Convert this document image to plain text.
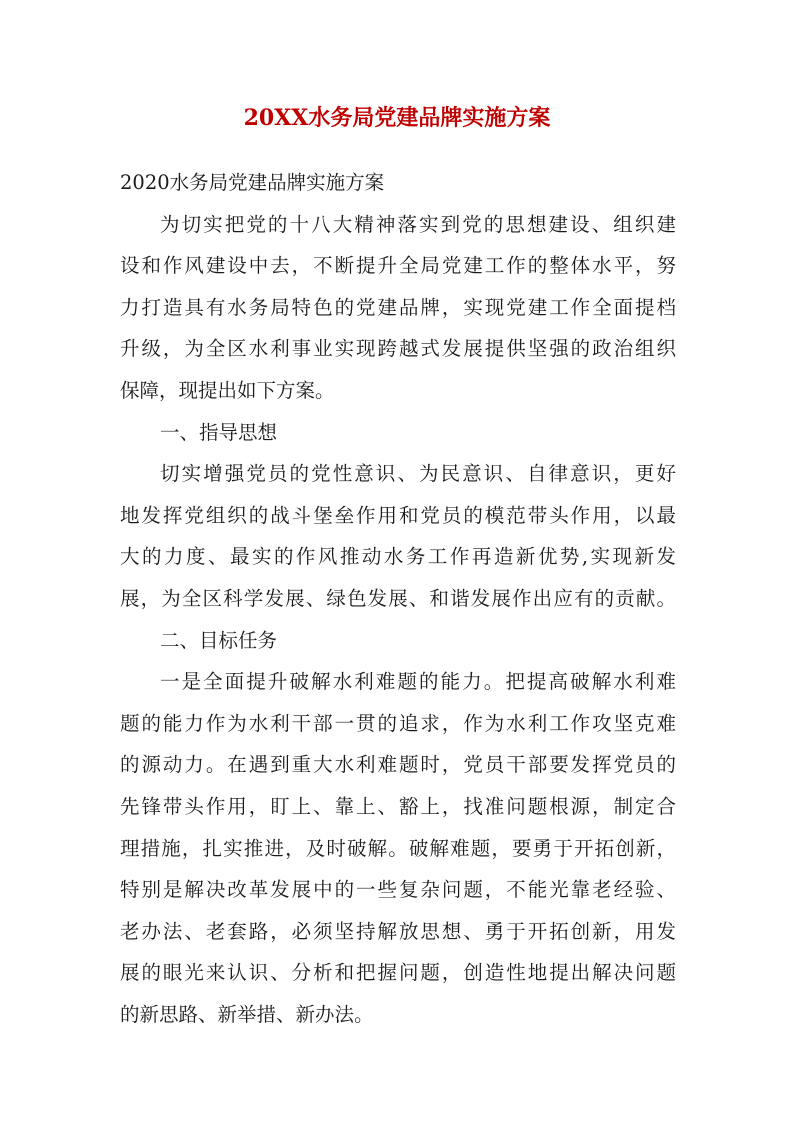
20XX水务局党建品牌实施方案
2020水务局党建品牌实施方案
为切实把党的十八大精神落实到党的思想建设、组织建
设和作风建设中去，不断提升全局党建工作的整体水平，努
力打造具有水务局特色的党建品牌，实现党建工作全面提档
升级，为全区水利事业实现跨越式发展提供坚强的政治组织
保障，现提出如下方案。
一、指导思想
切实增强党员的党性意识、为民意识、自律意识，更好
地发挥党组织的战斗堡垒作用和党员的模范带头作用，以最
大的力度、最实的作风推动水务工作再造新优势,实现新发
展，为全区科学发展、绿色发展、和谐发展作出应有的贡献。
二、目标任务
一是全面提升破解水利难题的能力。把提高破解水利难
题的能力作为水利干部一贯的追求，作为水利工作攻坚克难
的源动力。在遇到重大水利难题时，党员干部要发挥党员的
先锋带头作用，盯上、靠上、豁上，找准问题根源，制定合
理措施，扎实推进，及时破解。破解难题，要勇于开拓创新，
特别是解决改革发展中的一些复杂问题，不能光靠老经验、
老办法、老套路，必须坚持解放思想、勇于开拓创新，用发
展的眼光来认识、分析和把握问题，创造性地提出解决问题
的新思路、新举措、新办法。
